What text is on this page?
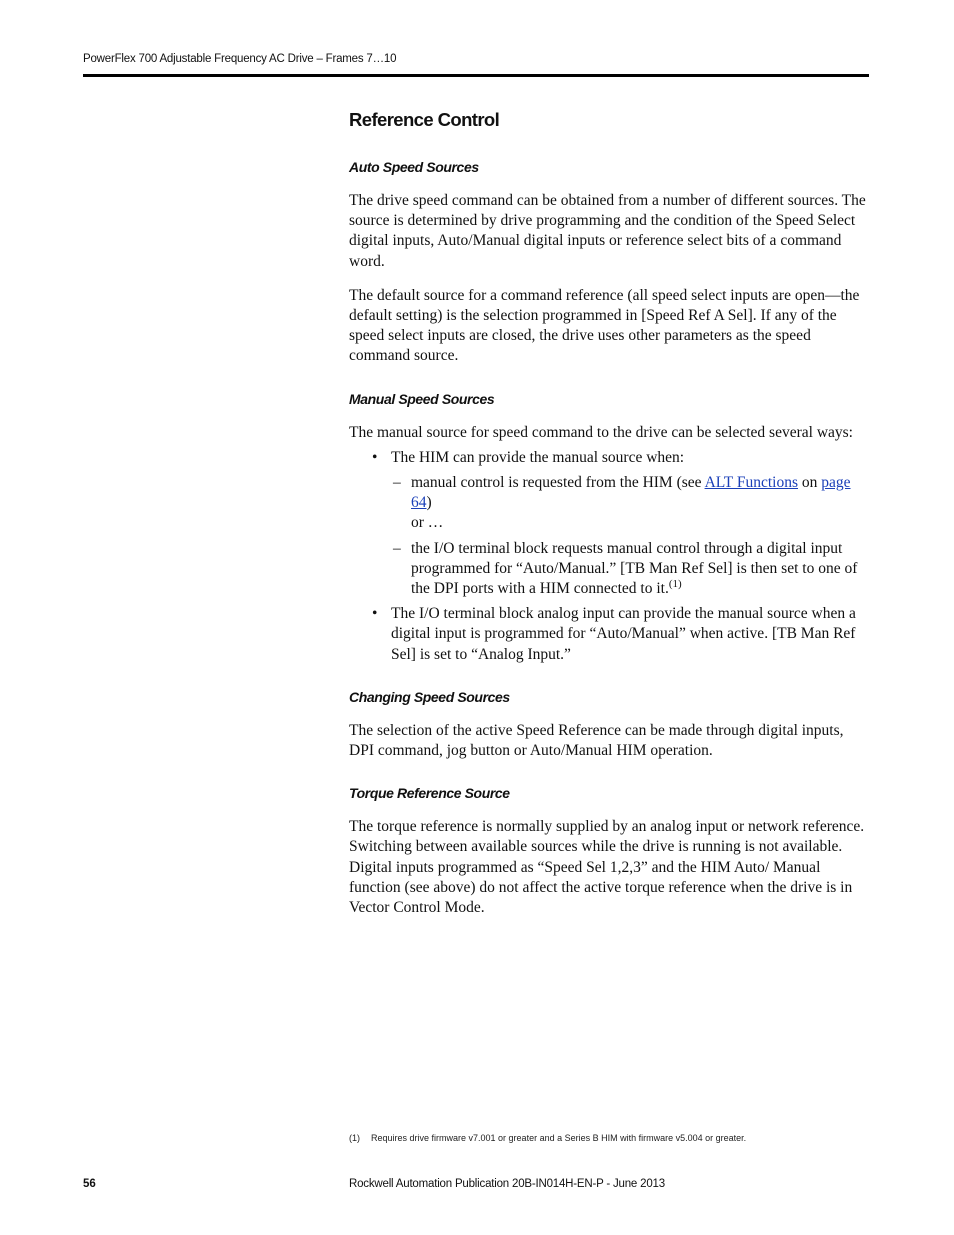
PowerFlex 700 Adjustable Frequency AC Drive – Frames 7…10
Reference Control
Auto Speed Sources

The drive speed command can be obtained from a number of different sources. The source is determined by drive programming and the condition of the Speed Select digital inputs, Auto/Manual digital inputs or reference select bits of a command word.

The default source for a command reference (all speed select inputs are open—the default setting) is the selection programmed in [Speed Ref A Sel]. If any of the speed select inputs are closed, the drive uses other parameters as the speed command source.

Manual Speed Sources

The manual source for speed command to the drive can be selected several ways:

• The HIM can provide the manual source when:
– manual control is requested from the HIM (see ALT Functions on page 64)
or …
– the I/O terminal block requests manual control through a digital input programmed for “Auto/Manual.” [TB Man Ref Sel] is then set to one of the DPI ports with a HIM connected to it.$^{(1)}$
• The I/O terminal block analog input can provide the manual source when a digital input is programmed for “Auto/Manual” when active. [TB Man Ref Sel] is set to “Analog Input.”
Changing Speed Sources

The selection of the active Speed Reference can be made through digital inputs, DPI command, jog button or Auto/Manual HIM operation.

Torque Reference Source

The torque reference is normally supplied by an analog input or network reference. Switching between available sources while the drive is running is not available. Digital inputs programmed as “Speed Sel 1,2,3” and the HIM Auto/ Manual function (see above) do not affect the active torque reference when the drive is in Vector Control Mode.

(1) Requires drive firmware v7.001 or greater and a Series B HIM with firmware v5.004 or greater.
56	Rockwell Automation Publication 20B-IN014H-EN-P - June 2013
